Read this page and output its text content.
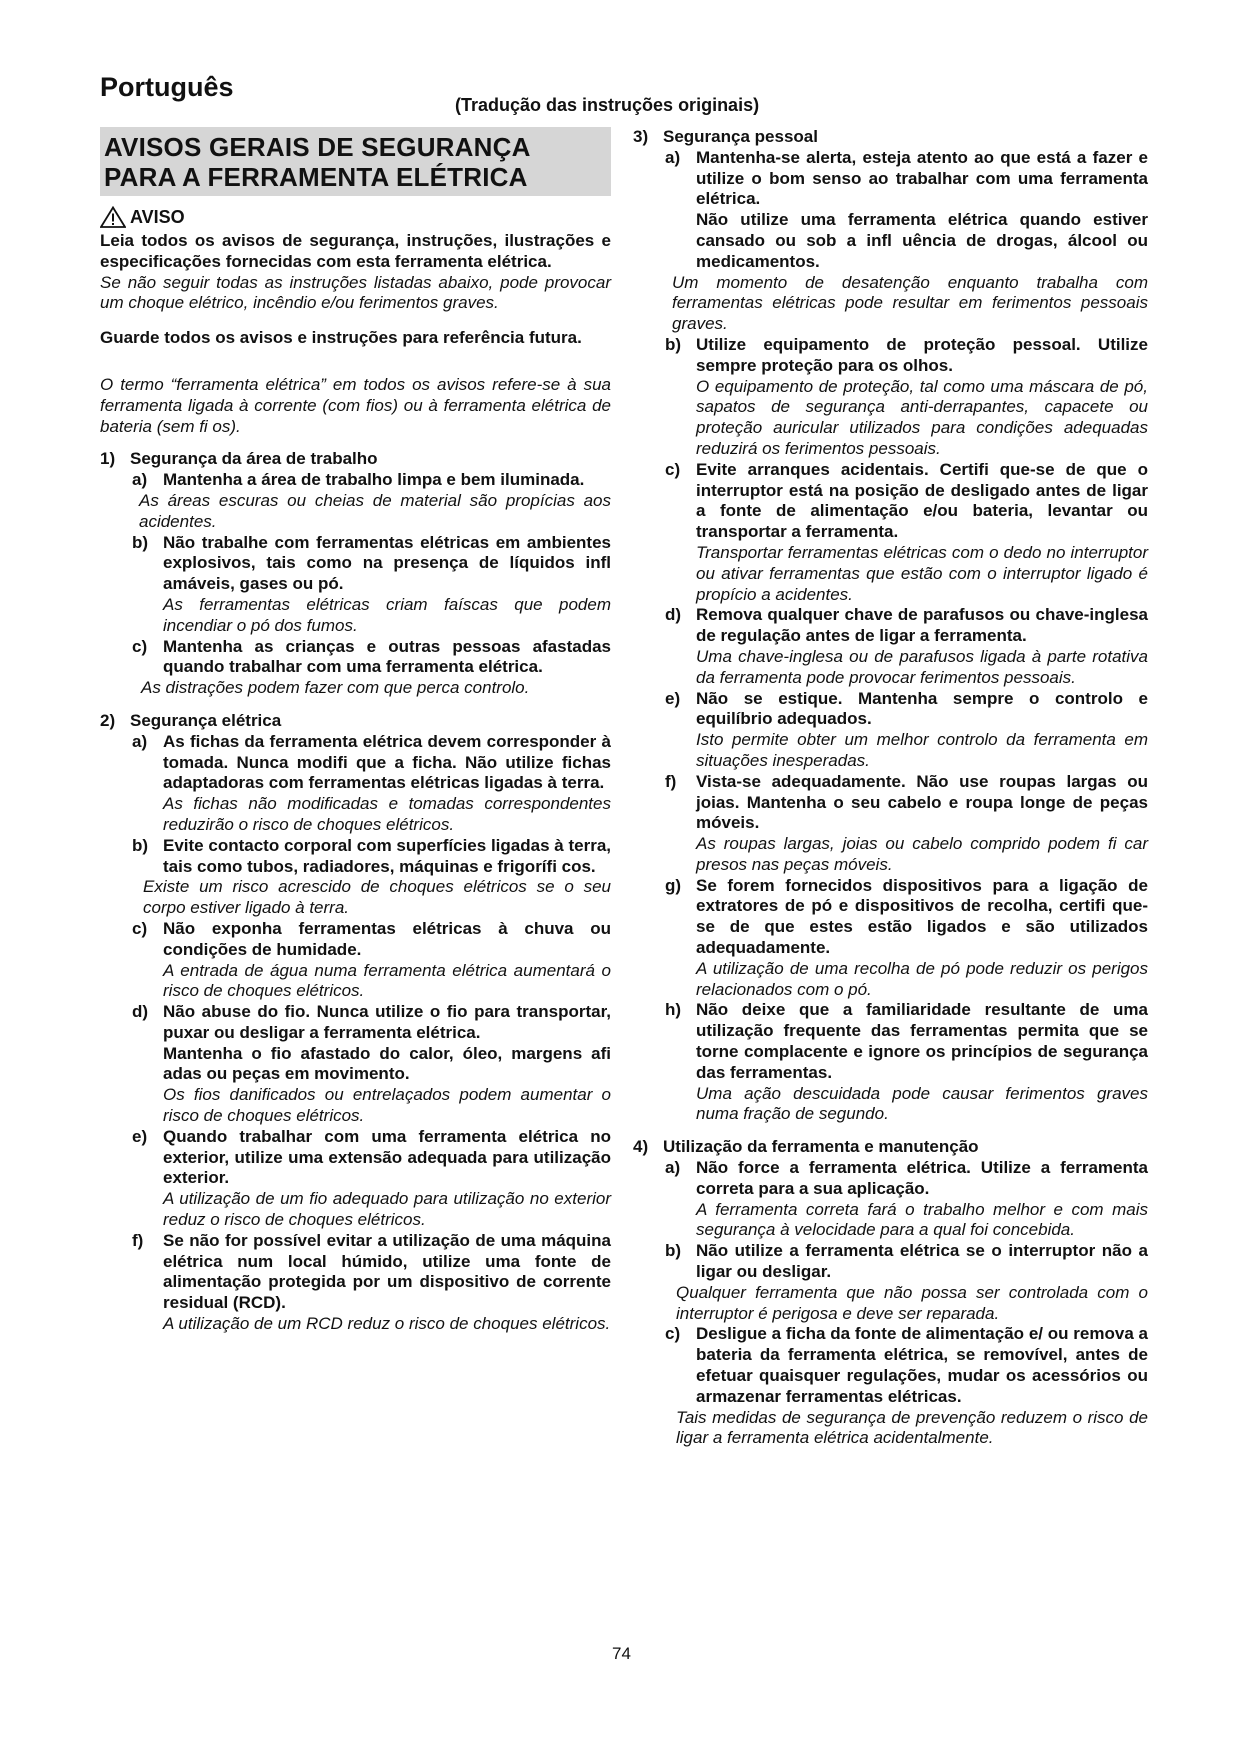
Português
(Tradução das instruções originais)
AVISOS GERAIS DE SEGURANÇA PARA A FERRAMENTA ELÉTRICA
AVISO

Leia todos os avisos de segurança, instruções, ilustrações e especificações fornecidas com esta ferramenta elétrica.

Se não seguir todas as instruções listadas abaixo, pode provocar um choque elétrico, incêndio e/ou ferimentos graves.

Guarde todos os avisos e instruções para referência futura.

O termo “ferramenta elétrica” em todos os avisos refere-se à sua ferramenta ligada à corrente (com fios) ou à ferramenta elétrica de bateria (sem fi os).

1) Segurança da área de trabalho
a) Mantenha a área de trabalho limpa e bem iluminada.

As áreas escuras ou cheias de material são propícias aos acidentes.

b) Não trabalhe com ferramentas elétricas em ambientes explosivos, tais como na presença de líquidos infl amáveis, gases ou pó.

As ferramentas elétricas criam faíscas que podem incendiar o pó dos fumos.

c) Mantenha as crianças e outras pessoas afastadas quando trabalhar com uma ferramenta elétrica.

As distrações podem fazer com que perca controlo.

2) Segurança elétrica
a) As fichas da ferramenta elétrica devem corresponder à tomada. Nunca modifi que a ficha. Não utilize fichas adaptadoras com ferramentas elétricas ligadas à terra.

As fichas não modificadas e tomadas correspondentes reduzirão o risco de choques elétricos.

b) Evite contacto corporal com superfícies ligadas à terra, tais como tubos, radiadores, máquinas e frigorífi cos.

Existe um risco acrescido de choques elétricos se o seu corpo estiver ligado à terra.

c) Não exponha ferramentas elétricas à chuva ou condições de humidade.

A entrada de água numa ferramenta elétrica aumentará o risco de choques elétricos.

d) Não abuse do fio. Nunca utilize o fio para transportar, puxar ou desligar a ferramenta elétrica.

Mantenha o fio afastado do calor, óleo, margens afi adas ou peças em movimento.

Os fios danificados ou entrelaçados podem aumentar o risco de choques elétricos.

e) Quando trabalhar com uma ferramenta elétrica no exterior, utilize uma extensão adequada para utilização exterior.

A utilização de um fio adequado para utilização no exterior reduz o risco de choques elétricos.

f)	Se não for possível evitar a utilização de uma máquina elétrica num local húmido, utilize uma fonte de alimentação protegida por um dispositivo de corrente residual (RCD).

A utilização de um RCD reduz o risco de choques elétricos.

3) Segurança pessoal
a) Mantenha-se alerta, esteja atento ao que está a fazer e utilize o bom senso ao trabalhar com uma ferramenta elétrica.

Não utilize uma ferramenta elétrica quando estiver cansado ou sob a infl uência de drogas, álcool ou medicamentos.

Um momento de desatenção enquanto trabalha com ferramentas elétricas pode resultar em ferimentos pessoais graves.

b) Utilize equipamento de proteção pessoal. Utilize sempre proteção para os olhos.

O equipamento de proteção, tal como uma máscara de pó, sapatos de segurança anti-derrapantes, capacete ou proteção auricular utilizados para condições adequadas reduzirá os ferimentos pessoais.

c) Evite arranques acidentais. Certifi que-se de que o interruptor está na posição de desligado antes de ligar a fonte de alimentação e/ou bateria, levantar ou transportar a ferramenta.

Transportar ferramentas elétricas com o dedo no interruptor ou ativar ferramentas que estão com o interruptor ligado é propício a acidentes.

d) Remova qualquer chave de parafusos ou chave-inglesa de regulação antes de ligar a ferramenta.

Uma chave-inglesa ou de parafusos ligada à parte rotativa da ferramenta pode provocar ferimentos pessoais.

e) Não se estique. Mantenha sempre o controlo e equilíbrio adequados.

Isto permite obter um melhor controlo da ferramenta em situações inesperadas.

f)	Vista-se adequadamente. Não use roupas largas ou joias. Mantenha o seu cabelo e roupa longe de peças móveis.

As roupas largas, joias ou cabelo comprido podem fi car presos nas peças móveis.

g) Se forem fornecidos dispositivos para a ligação de extratores de pó e dispositivos de recolha, certifi que-se de que estes estão ligados e são utilizados adequadamente.

A utilização de uma recolha de pó pode reduzir os perigos relacionados com o pó.

h) Não deixe que a familiaridade resultante de uma utilização frequente das ferramentas permita que se torne complacente e ignore os princípios de segurança das ferramentas.

Uma ação descuidada pode causar ferimentos graves numa fração de segundo.

4) Utilização da ferramenta e manutenção
a) Não force a ferramenta elétrica. Utilize a ferramenta correta para a sua aplicação.

A ferramenta correta fará o trabalho melhor e com mais segurança à velocidade para a qual foi concebida.

b) Não utilize a ferramenta elétrica se o interruptor não a ligar ou desligar.

Qualquer ferramenta que não possa ser controlada com o interruptor é perigosa e deve ser reparada.

c) Desligue a ficha da fonte de alimentação e/ ou remova a bateria da ferramenta elétrica, se removível, antes de efetuar quaisquer regulações, mudar os acessórios ou armazenar ferramentas elétricas.

Tais medidas de segurança de prevenção reduzem o risco de ligar a ferramenta elétrica acidentalmente.

74
